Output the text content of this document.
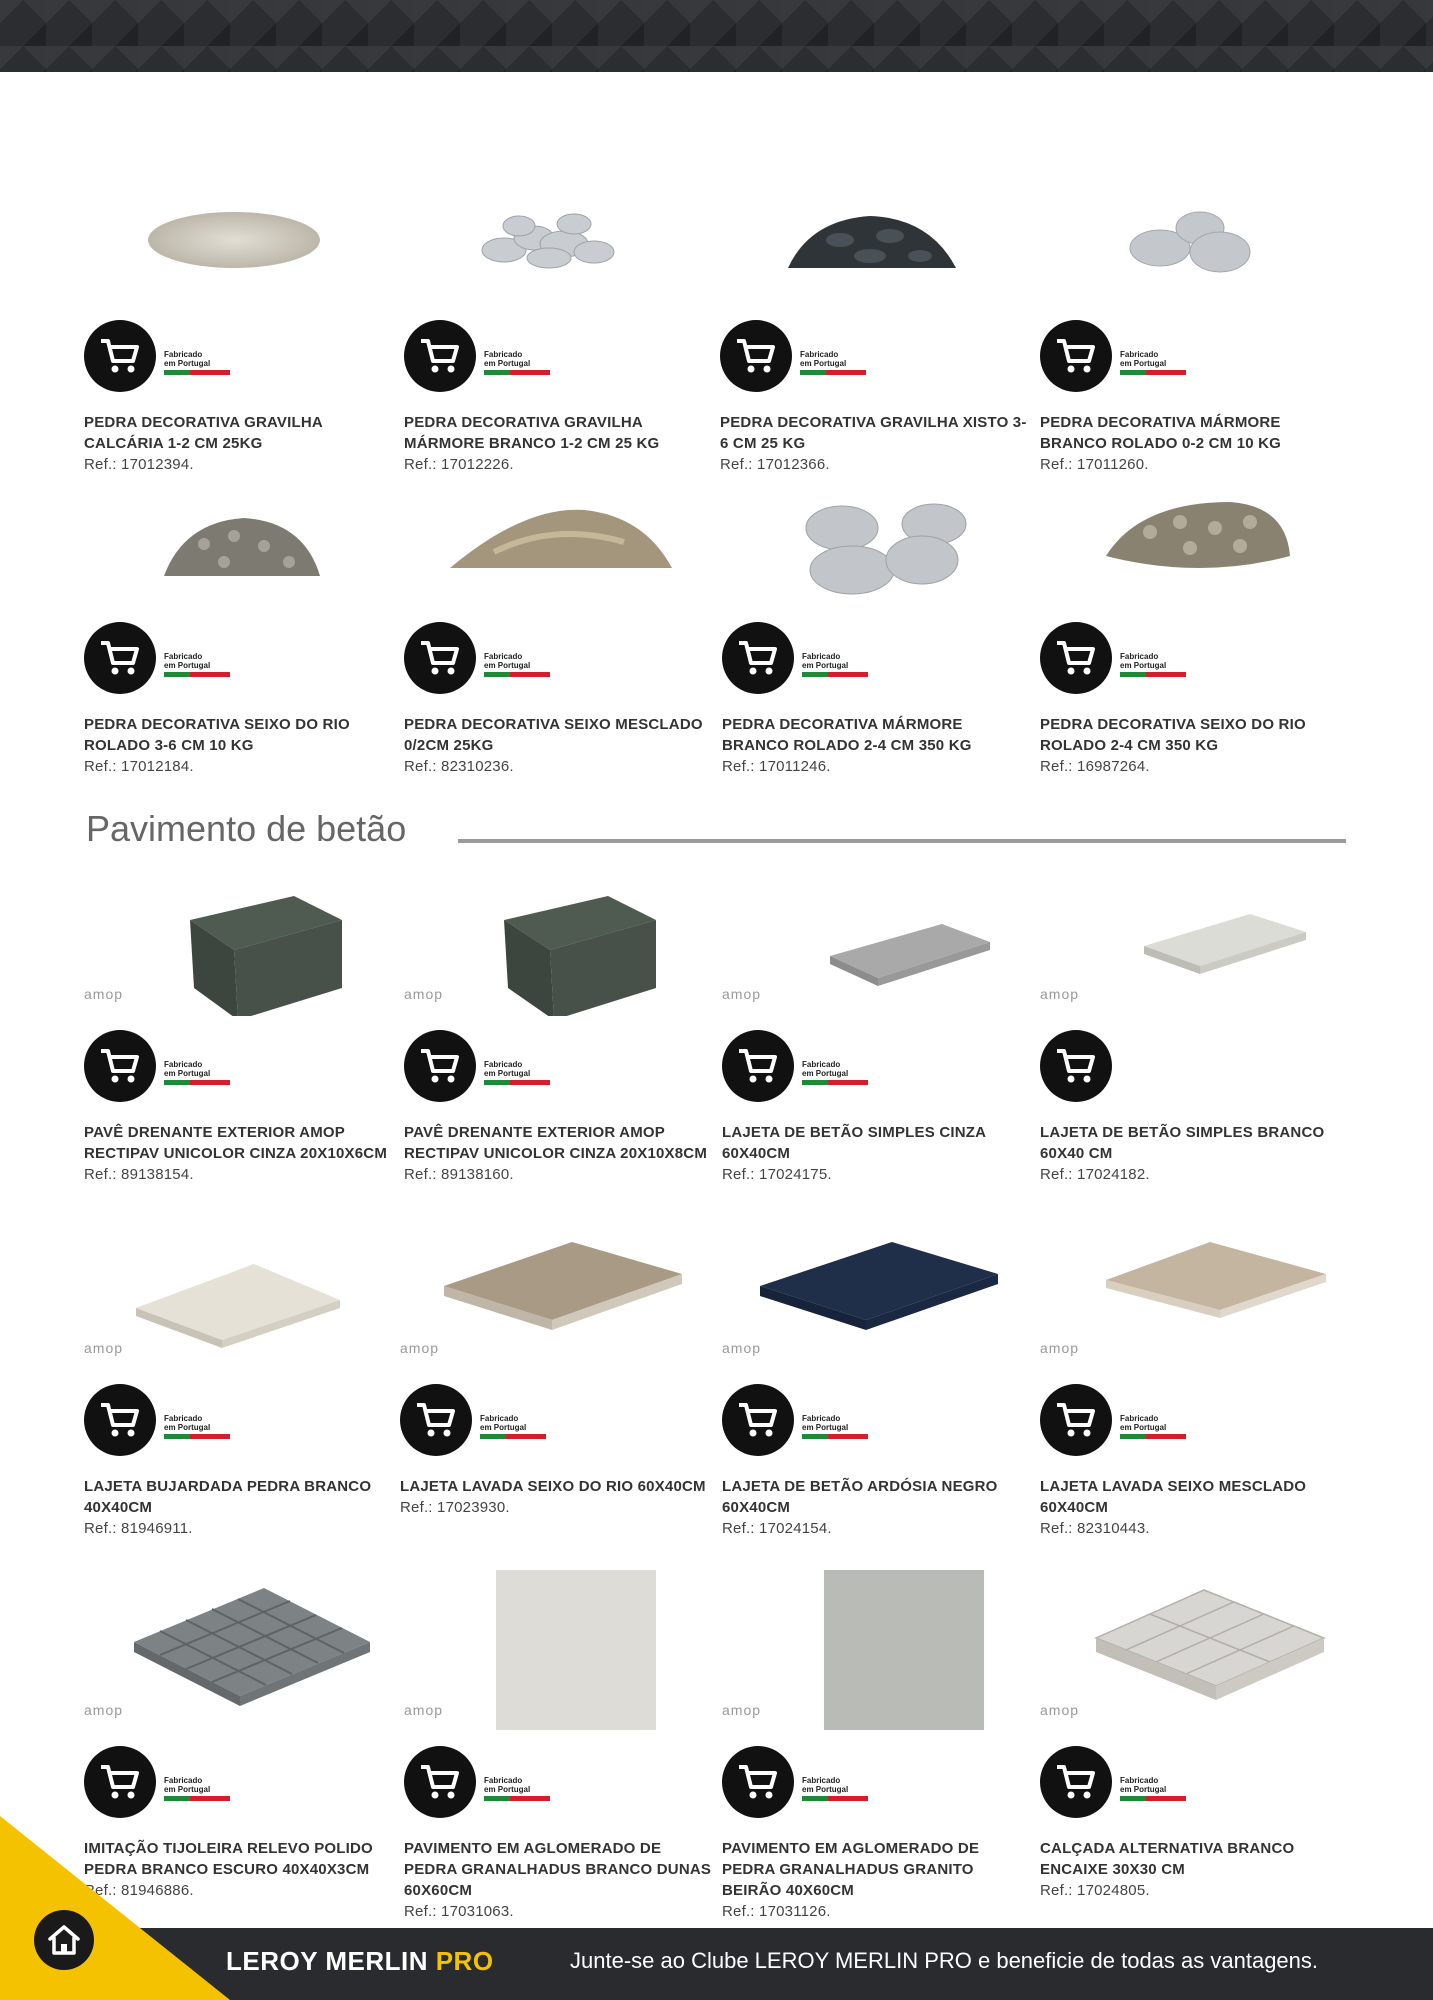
Fabricado
em Portugal
PEDRA DECORATIVA GRAVILHA CALCÁRIA 1-2 CM 25KG
Ref.: 17012394.
Fabricado
em Portugal
PEDRA DECORATIVA GRAVILHA MÁRMORE BRANCO 1-2 CM 25 KG
Ref.: 17012226.
Fabricado
em Portugal
PEDRA DECORATIVA GRAVILHA XISTO 3-6 CM 25 KG
Ref.: 17012366.
Fabricado
em Portugal
PEDRA DECORATIVA MÁRMORE BRANCO ROLADO 0-2 CM 10 KG
Ref.: 17011260.
Fabricado
em Portugal
PEDRA DECORATIVA SEIXO DO RIO ROLADO 3-6 CM 10 KG
Ref.: 17012184.
Fabricado
em Portugal
PEDRA DECORATIVA SEIXO MESCLADO 0/2CM 25KG
Ref.: 82310236.
Fabricado
em Portugal
PEDRA DECORATIVA MÁRMORE BRANCO ROLADO 2-4 CM 350 KG
Ref.: 17011246.
Fabricado
em Portugal
PEDRA DECORATIVA SEIXO DO RIO ROLADO 2-4 CM 350 KG
Ref.: 16987264.
Pavimento de betão
amop
Fabricado
em Portugal
PAVÊ DRENANTE EXTERIOR AMOP RECTIPAV UNICOLOR CINZA 20X10X6CM
Ref.: 89138154.
amop
Fabricado
em Portugal
PAVÊ DRENANTE EXTERIOR AMOP RECTIPAV UNICOLOR CINZA 20X10X8CM
Ref.: 89138160.
amop
Fabricado
em Portugal
LAJETA DE BETÃO SIMPLES CINZA 60X40CM
Ref.: 17024175.
amop
LAJETA DE BETÃO SIMPLES BRANCO 60X40 CM
Ref.: 17024182.
amop
Fabricado
em Portugal
LAJETA BUJARDADA PEDRA BRANCO 40X40CM
Ref.: 81946911.
amop
Fabricado
em Portugal
LAJETA LAVADA SEIXO DO RIO 60X40CM
Ref.: 17023930.
amop
Fabricado
em Portugal
LAJETA DE BETÃO ARDÓSIA NEGRO 60X40CM
Ref.: 17024154.
amop
Fabricado
em Portugal
LAJETA LAVADA SEIXO MESCLADO 60X40CM
Ref.: 82310443.
amop
Fabricado
em Portugal
IMITAÇÃO TIJOLEIRA RELEVO POLIDO PEDRA BRANCO ESCURO 40X40X3CM
Ref.: 81946886.
amop
Fabricado
em Portugal
PAVIMENTO EM AGLOMERADO DE PEDRA GRANALHADUS BRANCO DUNAS 60X60CM
Ref.: 17031063.
amop
Fabricado
em Portugal
PAVIMENTO EM AGLOMERADO DE PEDRA GRANALHADUS GRANITO BEIRÃO 40X60CM
Ref.: 17031126.
amop
Fabricado
em Portugal
CALÇADA ALTERNATIVA BRANCO ENCAIXE 30X30 CM
Ref.: 17024805.
LEROY MERLIN PRO	Junte-se ao Clube LEROY MERLIN PRO e beneficie de todas as vantagens.
